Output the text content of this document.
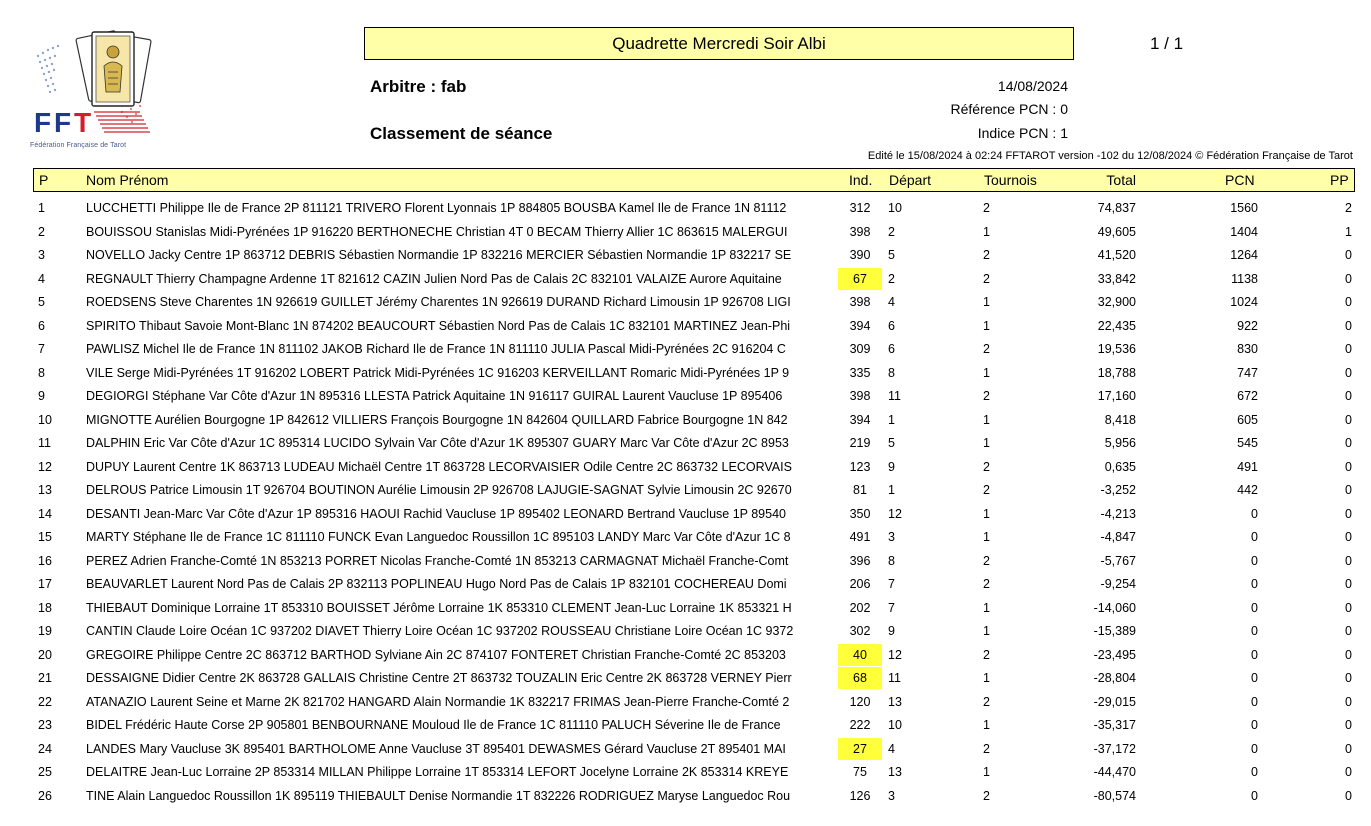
F F T
Fédération Française de Tarot
Quadrette Mercredi Soir Albi	1 / 1
Arbitre : fab
Classement de séance
14/08/2024
Référence PCN : 0
Indice PCN : 1
Edité le 15/08/2024 à 02:24 FFTAROT version -102 du 12/08/2024 © Fédération Française de Tarot
P	Nom Prénom	Ind. Départ	Tournois	Total	PCN	PP
1	LUCCHETTI Philippe Ile de France 2P 811121 TRIVERO Florent Lyonnais 1P 884805 BOUSBA Kamel Ile de France 1N 81112	312	10	2	74,837	1560	2
2	BOUISSOU Stanislas Midi-Pyrénées 1P 916220 BERTHONECHE Christian 4T 0 BECAM Thierry Allier 1C 863615 MALERGUI	398	2	1	49,605	1404	1
3	NOVELLO Jacky Centre 1P 863712 DEBRIS Sébastien Normandie 1P 832216 MERCIER Sébastien Normandie 1P 832217 SE	390	5	2	41,520	1264	0
4	REGNAULT Thierry Champagne Ardenne 1T 821612 CAZIN Julien Nord Pas de Calais 2C 832101 VALAIZE Aurore Aquitaine	67	2	2	33,842	1138	0
5	ROEDSENS Steve Charentes 1N 926619 GUILLET Jérémy Charentes 1N 926619 DURAND Richard Limousin 1P 926708 LIGI	398	4	1	32,900	1024	0
6	SPIRITO Thibaut Savoie Mont-Blanc 1N 874202 BEAUCOURT Sébastien Nord Pas de Calais 1C 832101 MARTINEZ Jean-Phi	394	6	1	22,435	922	0
7	PAWLISZ Michel Ile de France 1N 811102 JAKOB Richard Ile de France 1N 811110 JULIA Pascal Midi-Pyrénées 2C 916204 C	309	6	2	19,536	830	0
8	VILE Serge Midi-Pyrénées 1T 916202 LOBERT Patrick Midi-Pyrénées 1C 916203 KERVEILLANT Romaric Midi-Pyrénées 1P 9	335	8	1	18,788	747	0
9	DEGIORGI Stéphane Var Côte d'Azur 1N 895316 LLESTA Patrick Aquitaine 1N 916117 GUIRAL Laurent Vaucluse 1P 895406	398	11	2	17,160	672	0
10	MIGNOTTE Aurélien Bourgogne 1P 842612 VILLIERS François Bourgogne 1N 842604 QUILLARD Fabrice Bourgogne 1N 842	394	1	1	8,418	605	0
11	DALPHIN Eric Var Côte d'Azur 1C 895314 LUCIDO Sylvain Var Côte d'Azur 1K 895307 GUARY Marc Var Côte d'Azur 2C 8953	219	5	1	5,956	545	0
12	DUPUY Laurent Centre 1K 863713 LUDEAU Michaël Centre 1T 863728 LECORVAISIER Odile Centre 2C 863732 LECORVAIS	123	9	2	0,635	491	0
13	DELROUS Patrice Limousin 1T 926704 BOUTINON Aurélie Limousin 2P 926708 LAJUGIE-SAGNAT Sylvie Limousin 2C 92670	81	1	2	-3,252	442	0
14	DESANTI Jean-Marc Var Côte d'Azur 1P 895316 HAOUI Rachid Vaucluse 1P 895402 LEONARD Bertrand Vaucluse 1P 89540	350	12	1	-4,213	0	0
15	MARTY Stéphane Ile de France 1C 811110 FUNCK Evan Languedoc Roussillon 1C 895103 LANDY Marc Var Côte d'Azur 1C 8	491	3	1	-4,847	0	0
16	PEREZ Adrien Franche-Comté 1N 853213 PORRET Nicolas Franche-Comté 1N 853213 CARMAGNAT Michaël Franche-Comt	396	8	2	-5,767	0	0
17	BEAUVARLET Laurent Nord Pas de Calais 2P 832113 POPLINEAU Hugo Nord Pas de Calais 1P 832101 COCHEREAU Domi	206	7	2	-9,254	0	0
18	THIEBAUT Dominique Lorraine 1T 853310 BOUISSET Jérôme Lorraine 1K 853310 CLEMENT Jean-Luc Lorraine 1K 853321 H	202	7	1	-14,060	0	0
19	CANTIN Claude Loire Océan 1C 937202 DIAVET Thierry Loire Océan 1C 937202 ROUSSEAU Christiane Loire Océan 1C 9372	302	9	1	-15,389	0	0
20	GREGOIRE Philippe Centre 2C 863712 BARTHOD Sylviane Ain 2C 874107 FONTERET Christian Franche-Comté 2C 853203	40	12	2	-23,495	0	0
21	DESSAIGNE Didier Centre 2K 863728 GALLAIS Christine Centre 2T 863732 TOUZALIN Eric Centre 2K 863728 VERNEY Pierr	68	11	1	-28,804	0	0
22	ATANAZIO Laurent Seine et Marne 2K 821702 HANGARD Alain Normandie 1K 832217 FRIMAS Jean-Pierre Franche-Comté 2	120	13	2	-29,015	0	0
23	BIDEL Frédéric Haute Corse 2P 905801 BENBOURNANE Mouloud Ile de France 1C 811110 PALUCH Séverine Ile de France	222	10	1	-35,317	0	0
24	LANDES Mary Vaucluse 3K 895401 BARTHOLOME Anne Vaucluse 3T 895401 DEWASMES Gérard Vaucluse 2T 895401 MAI	27	4	2	-37,172	0	0
25	DELAITRE Jean-Luc Lorraine 2P 853314 MILLAN Philippe Lorraine 1T 853314 LEFORT Jocelyne Lorraine 2K 853314 KREYE	75	13	1	-44,470	0	0
26	TINE Alain Languedoc Roussillon 1K 895119 THIEBAULT Denise Normandie 1T 832226 RODRIGUEZ Maryse Languedoc Rou	126	3	2	-80,574	0	0
